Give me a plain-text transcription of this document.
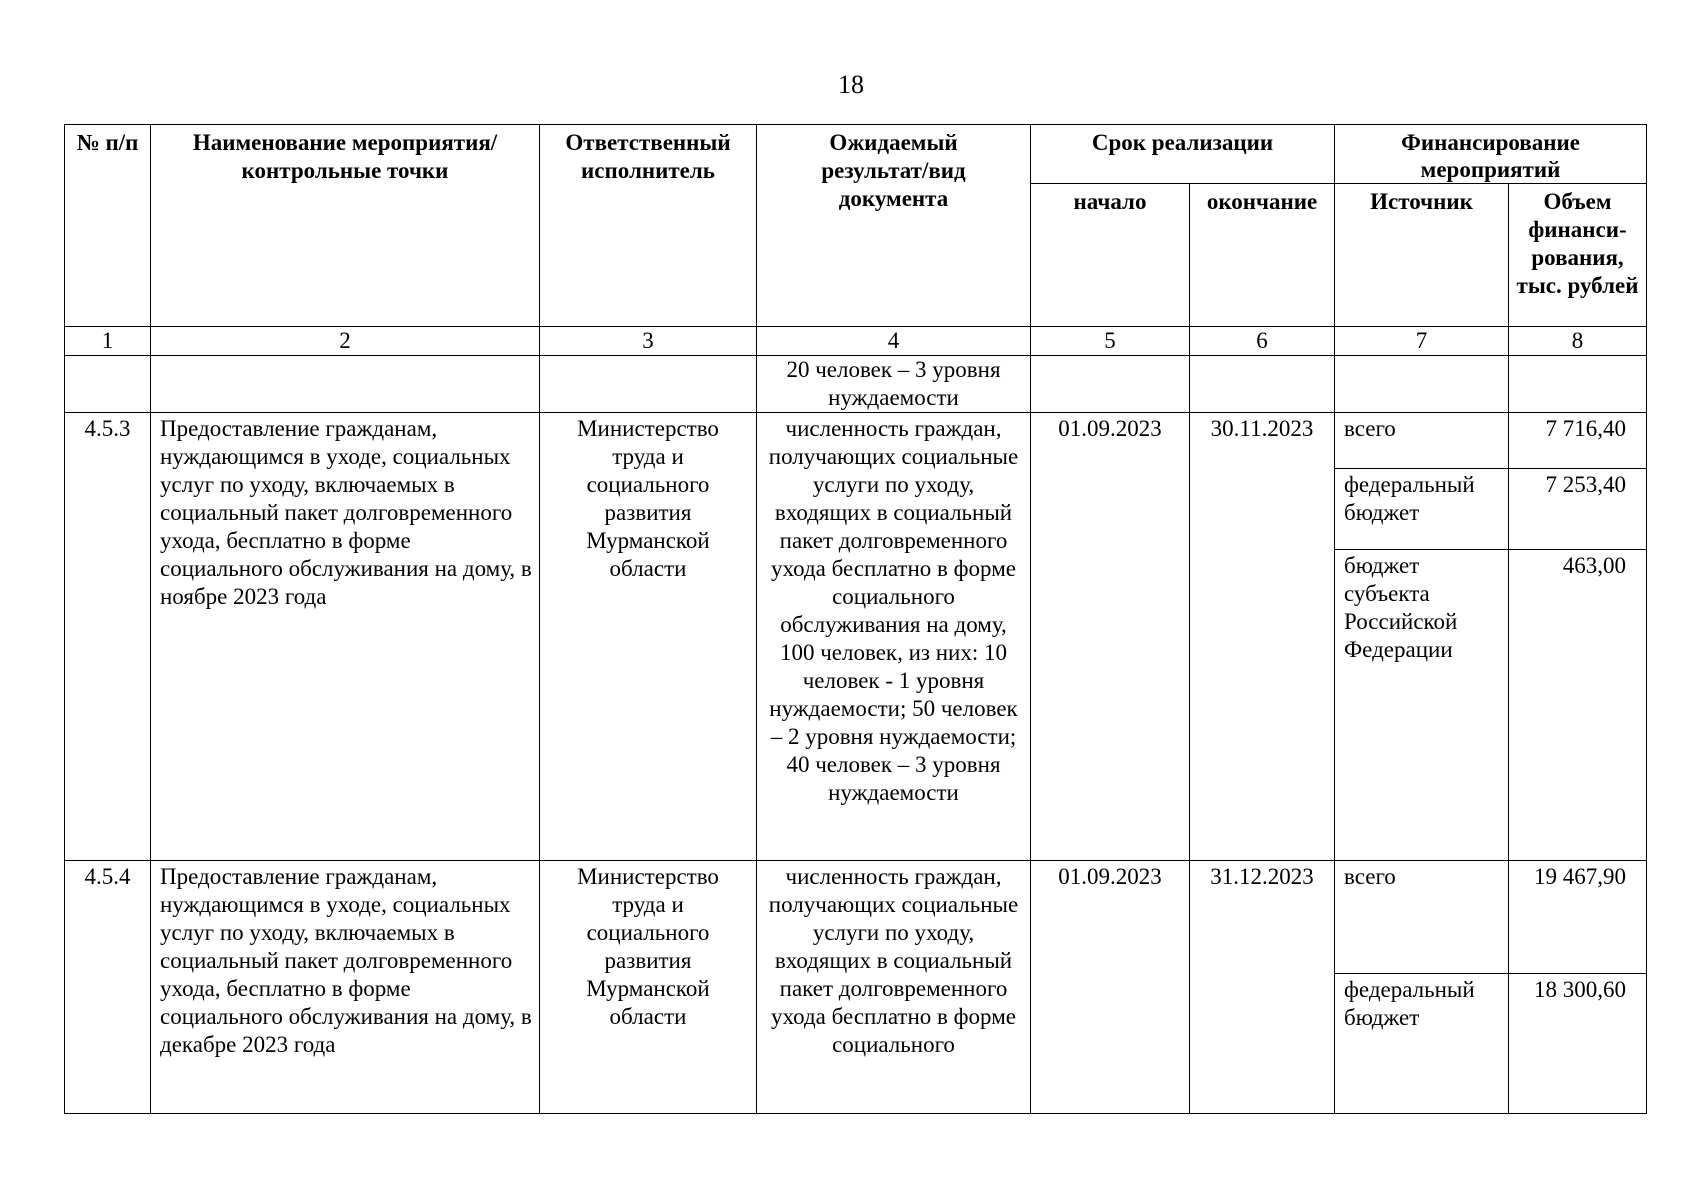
18
№ п/п	Наименование мероприятия/ контрольные точки	Ответственный исполнитель	Ожидаемый результат/вид документа	Срок реализации		Финансирование мероприятий	
				начало	окончание	Источник	Объем финанси- рования, тыс. рублей
1	2	3	4	5	6	7	8
			20 человек – 3 уровня нуждаемости				
4.5.3	Предоставление гражданам, нуждающимся в уходе, социальных услуг по уходу, включаемых в социальный пакет долговременного ухода, бесплатно в форме социального обслуживания на дому, в ноябре 2023 года	Министерство труда и социального развития Мурманской области	численность граждан, получающих социальные услуги по уходу, входящих в социальный пакет долговременного ухода бесплатно в форме социального обслуживания на дому, 100 человек, из них: 10 человек - 1 уровня нуждаемости; 50 человек – 2 уровня нуждаемости; 40 человек – 3 уровня нуждаемости	01.09.2023	30.11.2023	всего	7 716,40
						федеральный бюджет	7 253,40
						бюджет субъекта Российской Федерации	463,00
4.5.4	Предоставление гражданам, нуждающимся в уходе, социальных услуг по уходу, включаемых в социальный пакет долговременного ухода, бесплатно в форме социального обслуживания на дому, в декабре 2023 года	Министерство труда и социального развития Мурманской области	численность граждан, получающих социальные услуги по уходу, входящих в социальный пакет долговременного ухода бесплатно в форме социального	01.09.2023	31.12.2023	всего	19 467,90
						федеральный бюджет	18 300,60
